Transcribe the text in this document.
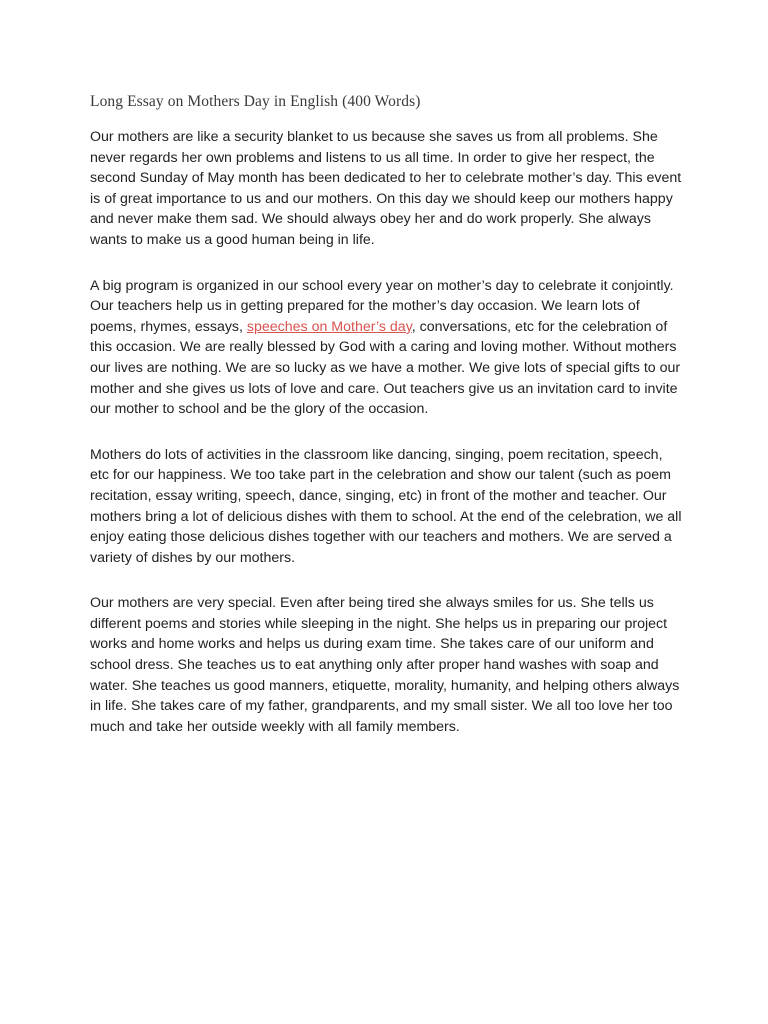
Long Essay on Mothers Day in English (400 Words)

Our mothers are like a security blanket to us because she saves us from all problems. She never regards her own problems and listens to us all time. In order to give her respect, the second Sunday of May month has been dedicated to her to celebrate mother’s day. This event is of great importance to us and our mothers. On this day we should keep our mothers happy and never make them sad. We should always obey her and do work properly. She always wants to make us a good human being in life.

A big program is organized in our school every year on mother’s day to celebrate it conjointly. Our teachers help us in getting prepared for the mother’s day occasion. We learn lots of poems, rhymes, essays, speeches on Mother’s day, conversations, etc for the celebration of this occasion. We are really blessed by God with a caring and loving mother. Without mothers our lives are nothing. We are so lucky as we have a mother. We give lots of special gifts to our mother and she gives us lots of love and care. Out teachers give us an invitation card to invite our mother to school and be the glory of the occasion.

Mothers do lots of activities in the classroom like dancing, singing, poem recitation, speech, etc for our happiness. We too take part in the celebration and show our talent (such as poem recitation, essay writing, speech, dance, singing, etc) in front of the mother and teacher. Our mothers bring a lot of delicious dishes with them to school. At the end of the celebration, we all enjoy eating those delicious dishes together with our teachers and mothers. We are served a variety of dishes by our mothers.

Our mothers are very special. Even after being tired she always smiles for us. She tells us different poems and stories while sleeping in the night. She helps us in preparing our project works and home works and helps us during exam time. She takes care of our uniform and school dress. She teaches us to eat anything only after proper hand washes with soap and water. She teaches us good manners, etiquette, morality, humanity, and helping others always in life. She takes care of my father, grandparents, and my small sister. We all too love her too much and take her outside weekly with all family members.
